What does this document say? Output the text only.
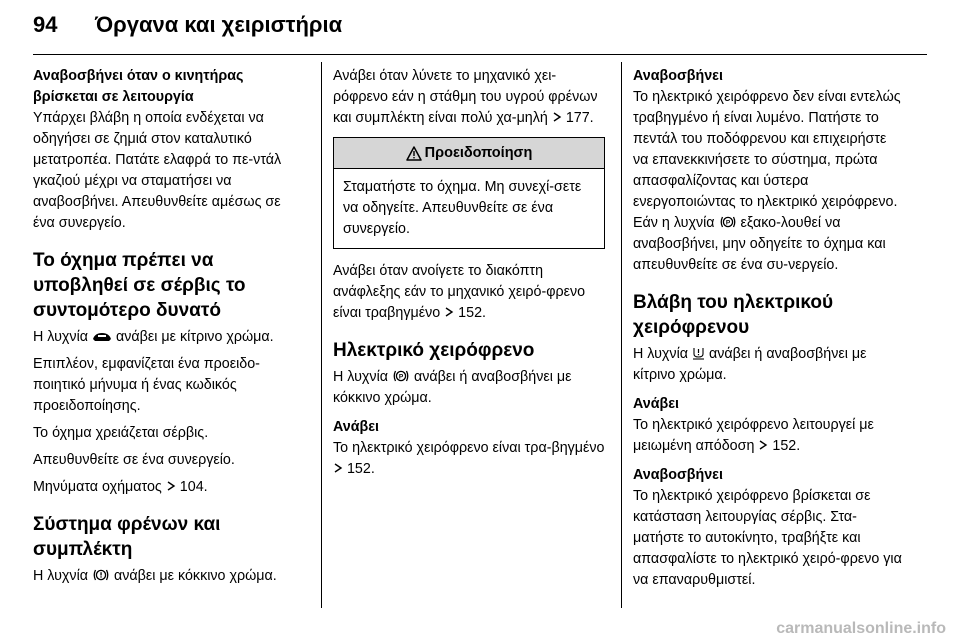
94	Όργανα και χειριστήρια

Αναβοσβήνει όταν ο κινητήρας βρίσκεται σε λειτουργία

Υπάρχει βλάβη η οποία ενδέχεται να οδηγήσει σε ζημιά στον καταλυτικό μετατροπέα. Πατάτε ελαφρά το πε-ντάλ γκαζιού μέχρι να σταματήσει να αναβοσβήνει. Απευθυνθείτε αμέσως σε ένα συνεργείο.

Το όχημα πρέπει να υποβληθεί σε σέρβις το συντομότερο δυνατό

Η λυχνία ανάβει με κίτρινο χρώμα.

Επιπλέον, εμφανίζεται ένα προειδο-ποιητικό μήνυμα ή ένας κωδικός προειδοποίησης.

Το όχημα χρειάζεται σέρβις.

Απευθυνθείτε σε ένα συνεργείο.

Μηνύματα οχήματος 104.

Σύστημα φρένων και συμπλέκτη

Η λυχνία ανάβει με κόκκινο χρώμα.

Ανάβει όταν λύνετε το μηχανικό χει-ρόφρενο εάν η στάθμη του υγρού φρένων και συμπλέκτη είναι πολύ χα-μηλή 177.

Προειδοποίηση
Σταματήστε το όχημα. Μη συνεχί-σετε να οδηγείτε. Απευθυνθείτε σε ένα συνεργείο.

Ανάβει όταν ανοίγετε το διακόπτη ανάφλεξης εάν το μηχανικό χειρό-φρενο είναι τραβηγμένο 152.

Ηλεκτρικό χειρόφρενο

Η λυχνία P ανάβει ή αναβοσβήνει με κόκκινο χρώμα.

Ανάβει

Το ηλεκτρικό χειρόφρενο είναι τρα-βηγμένο  152.

Αναβοσβήνει

Το ηλεκτρικό χειρόφρενο δεν είναι εντελώς τραβηγμένο ή είναι λυμένο. Πατήστε το πεντάλ του ποδόφρενου και επιχειρήστε να επανεκκινήσετε το σύστημα, πρώτα απασφαλίζοντας και ύστερα ενεργοποιώντας το ηλεκτρικό χειρόφρενο. Εάν η λυχνία P εξακο-λουθεί να αναβοσβήνει, μην οδηγείτε το όχημα και απευθυνθείτε σε ένα συ-νεργείο.

Βλάβη του ηλεκτρικού χειρόφρενου

Η λυχνία ανάβει ή αναβοσβήνει με κίτρινο χρώμα.

Ανάβει

Το ηλεκτρικό χειρόφρενο λειτουργεί με μειωμένη απόδοση 152.

Αναβοσβήνει

Το ηλεκτρικό χειρόφρενο βρίσκεται σε κατάσταση λειτουργίας σέρβις. Στα-ματήστε το αυτοκίνητο, τραβήξτε και απασφαλίστε το ηλεκτρικό χειρό-φρενο για να επαναρυθμιστεί.

carmanualsonline.info
